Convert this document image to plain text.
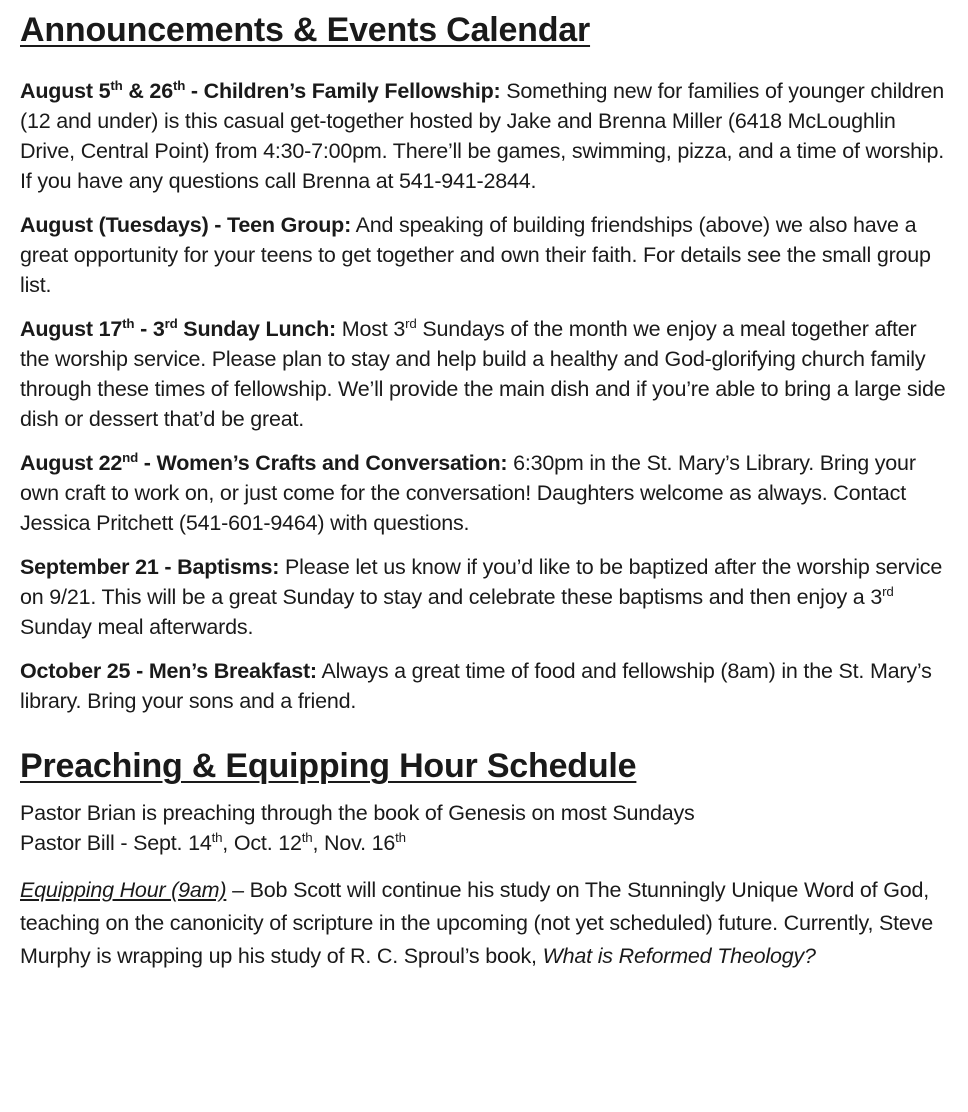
Announcements & Events Calendar

August 5th & 26th - Children’s Family Fellowship: Something new for families of younger children (12 and under) is this casual get-together hosted by Jake and Brenna Miller (6418 McLoughlin Drive, Central Point) from 4:30-7:00pm. There’ll be games, swimming, pizza, and a time of worship. If you have any questions call Brenna at 541-941-2844.

August (Tuesdays) - Teen Group: And speaking of building friendships (above) we also have a great opportunity for your teens to get together and own their faith. For details see the small group list.

August 17th - 3rd Sunday Lunch: Most 3rd Sundays of the month we enjoy a meal together after the worship service. Please plan to stay and help build a healthy and God-glorifying church family through these times of fellowship. We’ll provide the main dish and if you’re able to bring a large side dish or dessert that’d be great.

August 22nd - Women’s Crafts and Conversation: 6:30pm in the St. Mary’s Library. Bring your own craft to work on, or just come for the conversation! Daughters welcome as always. Contact Jessica Pritchett (541-601-9464) with questions.

September 21 - Baptisms: Please let us know if you’d like to be baptized after the worship service on 9/21. This will be a great Sunday to stay and celebrate these baptisms and then enjoy a 3rd Sunday meal afterwards.

October 25 - Men’s Breakfast: Always a great time of food and fellowship (8am) in the St. Mary’s library. Bring your sons and a friend.

Preaching & Equipping Hour Schedule

Pastor Brian is preaching through the book of Genesis on most Sundays

Pastor Bill - Sept. 14th, Oct. 12th, Nov. 16th

Equipping Hour (9am) – Bob Scott will continue his study on The Stunningly Unique Word of God, teaching on the canonicity of scripture in the upcoming (not yet scheduled) future. Currently, Steve Murphy is wrapping up his study of R. C. Sproul’s book, What is Reformed Theology?
